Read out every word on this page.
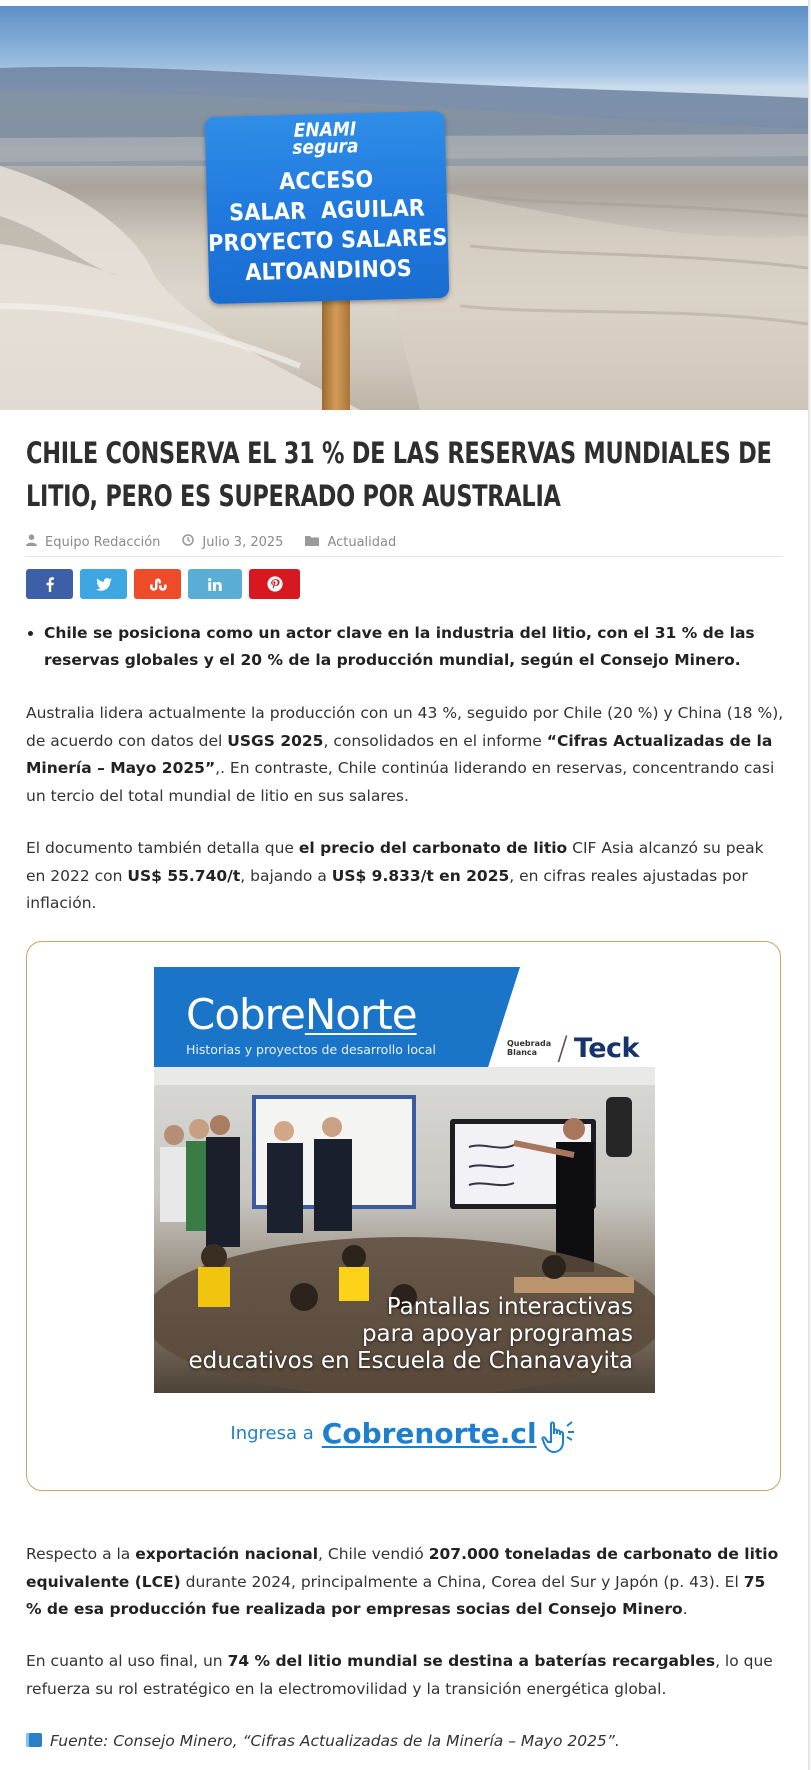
ENAMI
segura
ACCESO
SALAR  AGUILAR
PROYECTO SALARES
ALTOANDINOS
CHILE CONSERVA EL 31 % DE LAS RESERVAS MUNDIALES DE LITIO, PERO ES SUPERADO POR AUSTRALIA
Equipo Redacción	Julio 3, 2025	Actualidad
• Chile se posiciona como un actor clave en la industria del litio, con el 31 % de las reservas globales y el 20 % de la producción mundial, según el Consejo Minero.

Australia lidera actualmente la producción con un 43 %, seguido por Chile (20 %) y China (18 %), de acuerdo con datos del USGS 2025, consolidados en el informe “Cifras Actualizadas de la Minería – Mayo 2025”,. En contraste, Chile continúa liderando en reservas, concentrando casi un tercio del total mundial de litio en sus salares.

El documento también detalla que el precio del carbonato de litio CIF Asia alcanzó su peak en 2022 con US$ 55.740/t, bajando a US$ 9.833/t en 2025, en cifras reales ajustadas por inflación.

CobreNorte
Historias y proyectos de desarrollo local	Quebrada
Blanca / Teck
Pantallas interactivas
para apoyar programas
educativos en Escuela de Chanavayita
Ingresa a Cobrenorte.cl

Respecto a la exportación nacional, Chile vendió 207.000 toneladas de carbonato de litio equivalente (LCE) durante 2024, principalmente a China, Corea del Sur y Japón (p. 43). El 75 % de esa producción fue realizada por empresas socias del Consejo Minero.

En cuanto al uso final, un 74 % del litio mundial se destina a baterías recargables, lo que refuerza su rol estratégico en la electromovilidad y la transición energética global.

Fuente: Consejo Minero, “Cifras Actualizadas de la Minería – Mayo 2025”.
